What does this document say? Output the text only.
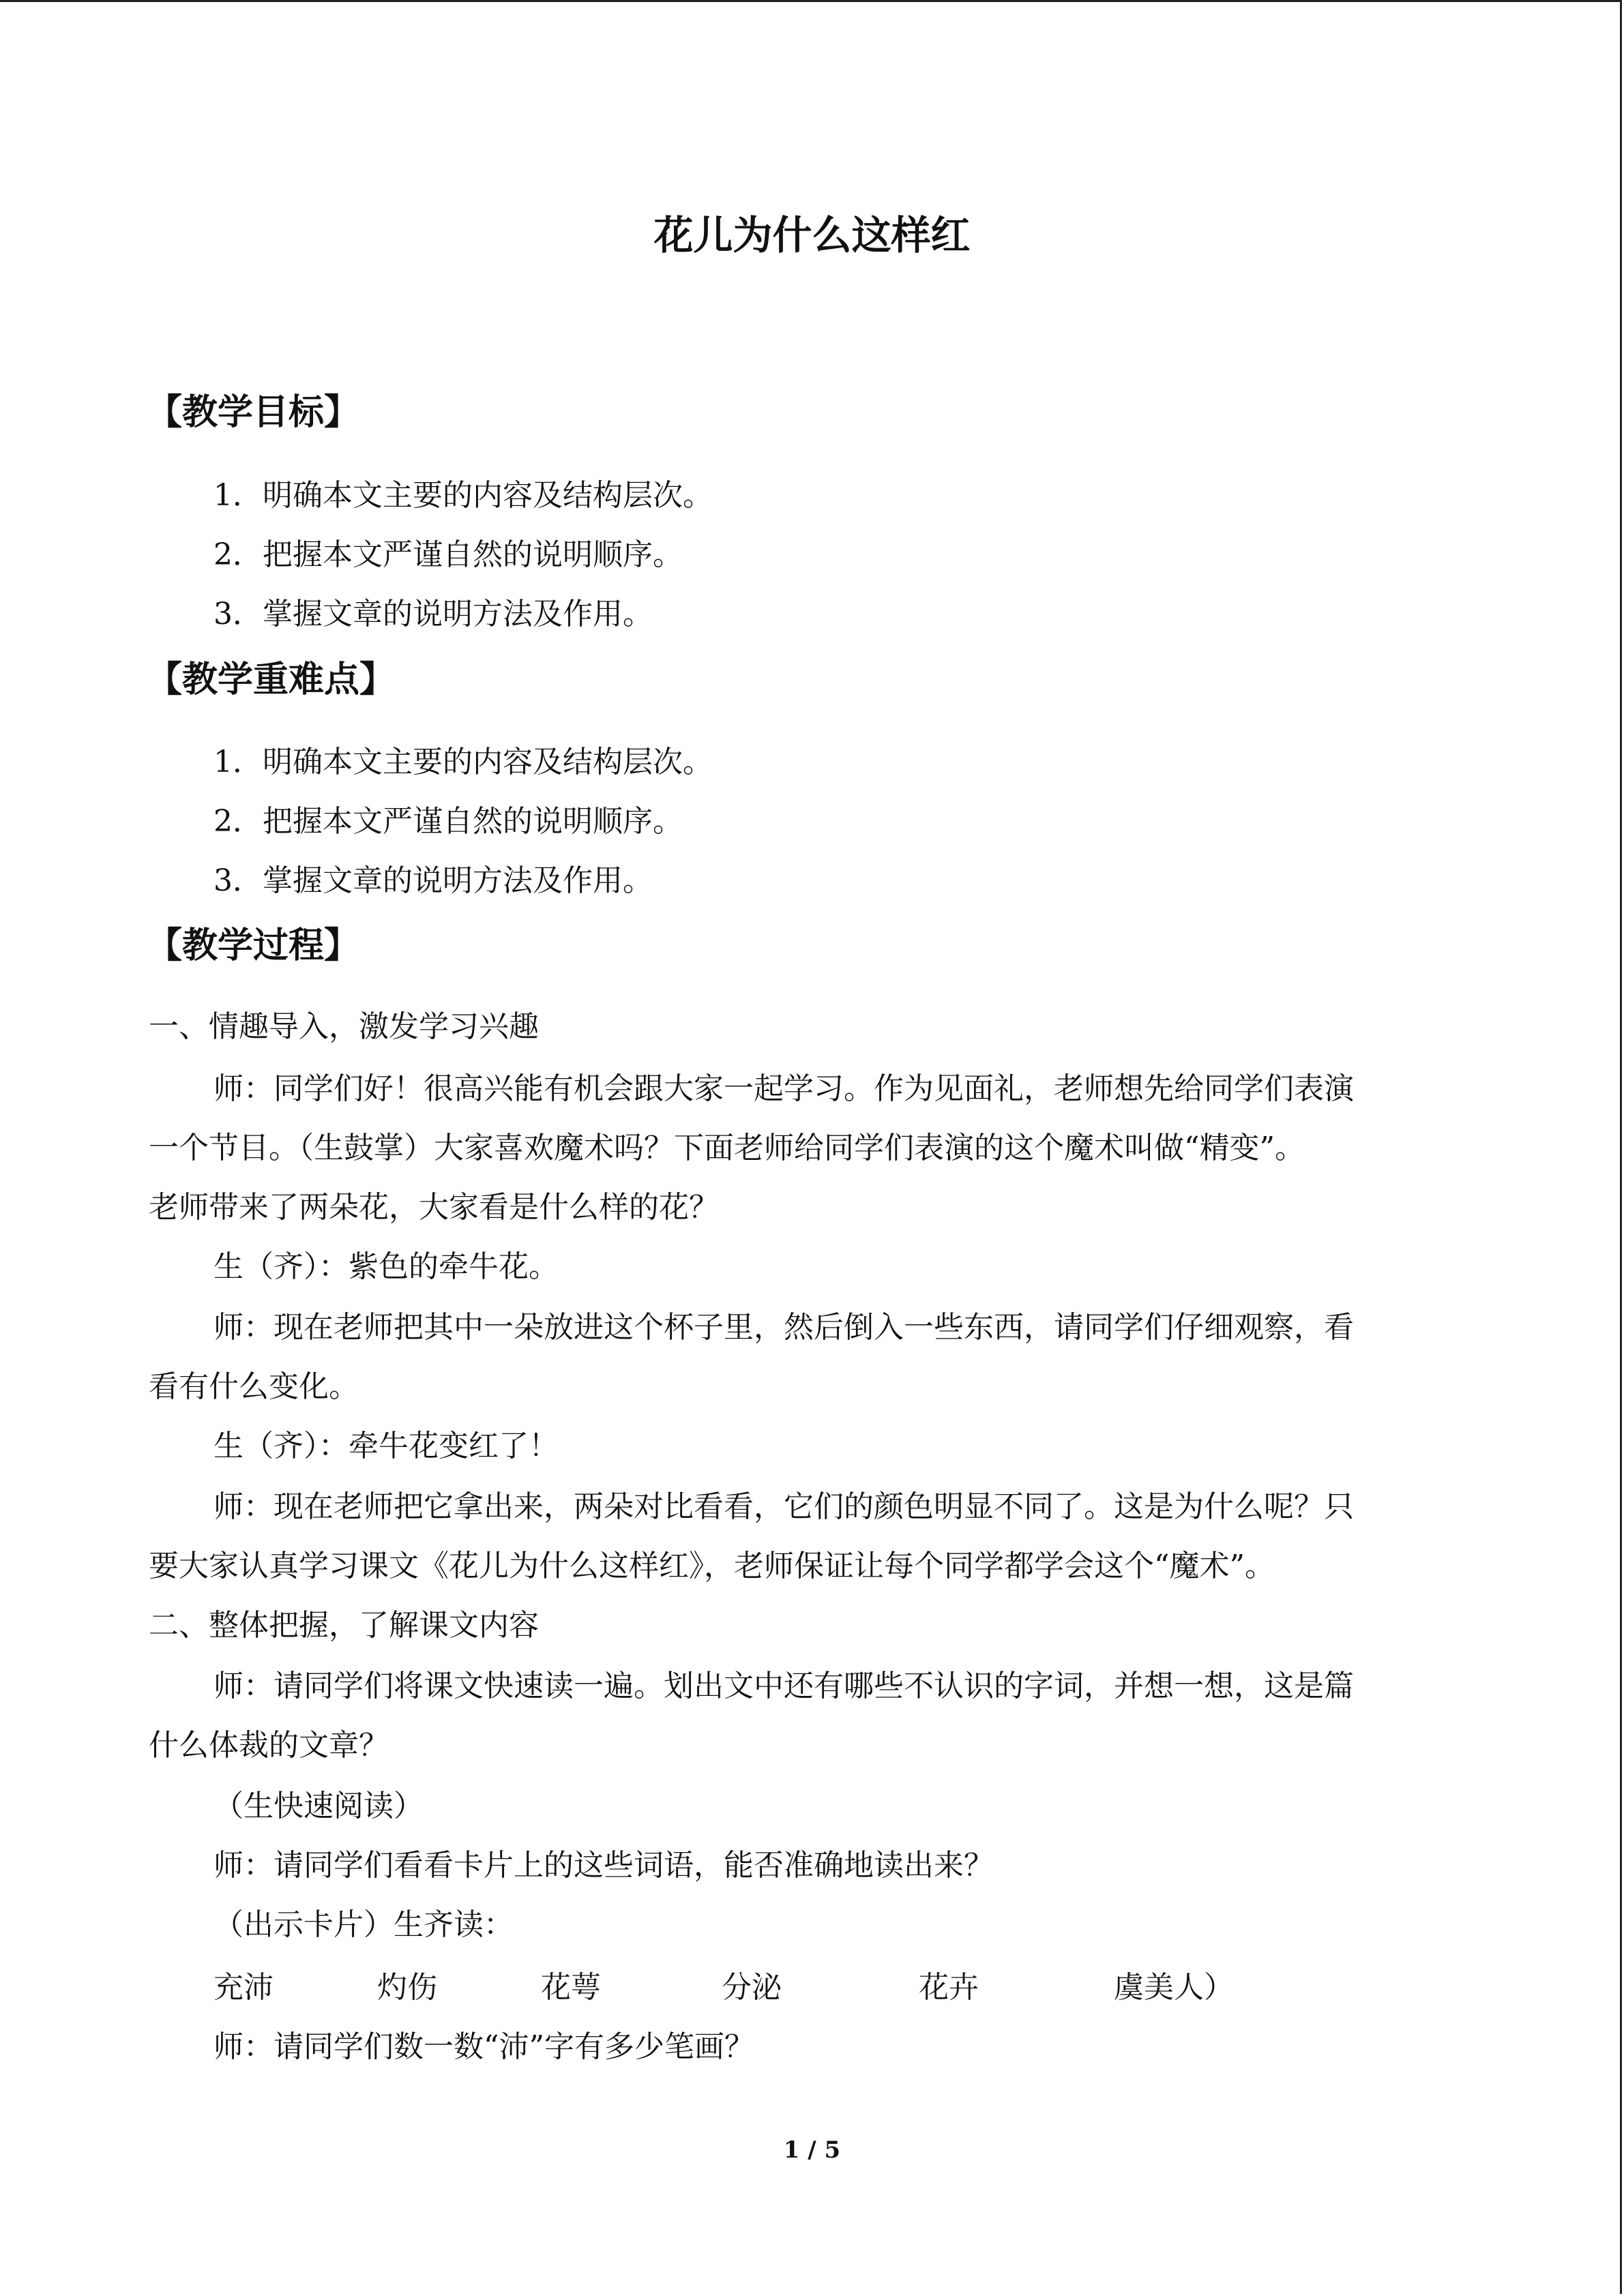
花儿为什么这样红
【教学目标】
1．明确本文主要的内容及结构层次。
2．把握本文严谨自然的说明顺序。
3．掌握文章的说明方法及作用。
【教学重难点】
1．明确本文主要的内容及结构层次。
2．把握本文严谨自然的说明顺序。
3．掌握文章的说明方法及作用。
【教学过程】
一、情趣导入，激发学习兴趣
师：同学们好！很高兴能有机会跟大家一起学习。作为见面礼，老师想先给同学们表演
一个节目。（生鼓掌）大家喜欢魔术吗？下面老师给同学们表演的这个魔术叫做“精变”。
老师带来了两朵花，大家看是什么样的花？
生（齐）：紫色的牵牛花。
师：现在老师把其中一朵放进这个杯子里，然后倒入一些东西，请同学们仔细观察，看
看有什么变化。
生（齐）：牵牛花变红了！
师：现在老师把它拿出来，两朵对比看看，它们的颜色明显不同了。这是为什么呢？只
要大家认真学习课文《花儿为什么这样红》，老师保证让每个同学都学会这个“魔术”。
二、整体把握，了解课文内容
师：请同学们将课文快速读一遍。划出文中还有哪些不认识的字词，并想一想，这是篇
什么体裁的文章？
（生快速阅读）
师：请同学们看看卡片上的这些词语，能否准确地读出来？
（出示卡片）生齐读：
充沛	灼伤	花萼	分泌	花卉	虞美人）
师：请同学们数一数“沛”字有多少笔画？
1 / 5
